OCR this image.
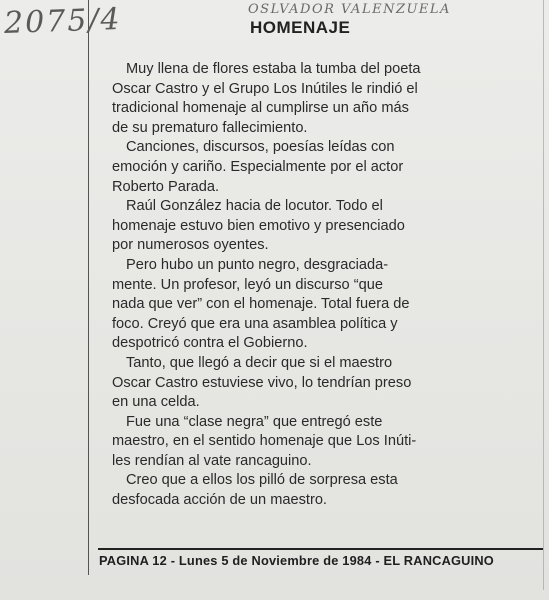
2075/4	OSLVADOR VALENZUELA
HOMENAJE

Muy llena de flores estaba la tumba del poeta
Oscar Castro y el Grupo Los Inútiles le rindió el
tradicional homenaje al cumplirse un año más
de su prematuro fallecimiento.

Canciones, discursos, poesías leídas con
emoción y cariño. Especialmente por el actor
Roberto Parada.

Raúl González hacia de locutor. Todo el
homenaje estuvo bien emotivo y presenciado
por numerosos oyentes.

Pero hubo un punto negro, desgraciada-
mente. Un profesor, leyó un discurso “que
nada que ver” con el homenaje. Total fuera de
foco. Creyó que era una asamblea política y
despotricó contra el Gobierno.

Tanto, que llegó a decir que si el maestro
Oscar Castro estuviese vivo, lo tendrían preso
en una celda.

Fue una “clase negra” que entregó este
maestro, en el sentido homenaje que Los Inúti-
les rendían al vate rancaguino.

Creo que a ellos los pilló de sorpresa esta
desfocada acción de un maestro.

PAGINA 12 - Lunes 5 de Noviembre de 1984 - EL RANCAGUINO
